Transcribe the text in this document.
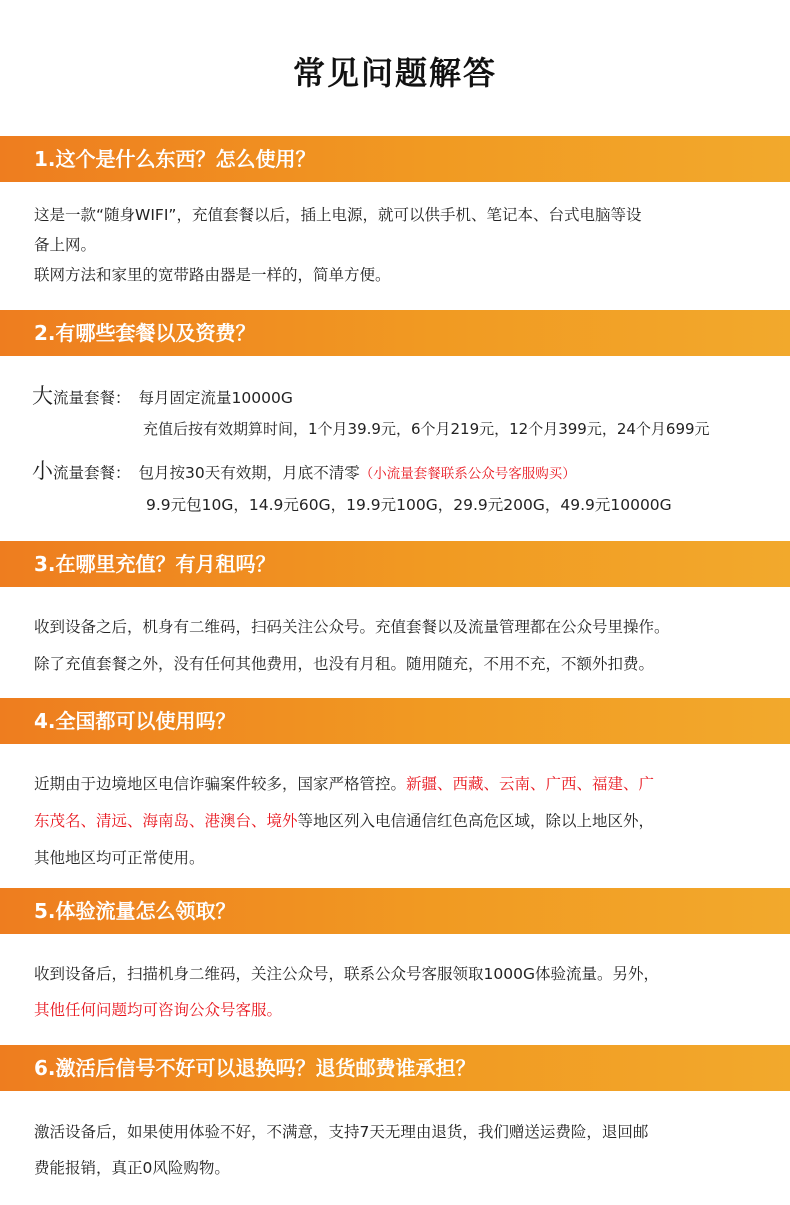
常见问题解答
1.这个是什么东西？怎么使用？
这是一款“随身WIFI”，充值套餐以后，插上电源，就可以供手机、笔记本、台式电脑等设
备上网。
联网方法和家里的宽带路由器是一样的，简单方便。
2.有哪些套餐以及资费？
大流量套餐： 每月固定流量10000G
充值后按有效期算时间，1个月39.9元，6个月219元，12个月399元，24个月699元
小流量套餐： 包月按30天有效期，月底不清零（小流量套餐联系公众号客服购买）
9.9元包10G，14.9元60G，19.9元100G，29.9元200G，49.9元10000G
3.在哪里充值？有月租吗？
收到设备之后，机身有二维码，扫码关注公众号。充值套餐以及流量管理都在公众号里操作。
除了充值套餐之外，没有任何其他费用，也没有月租。随用随充，不用不充，不额外扣费。
4.全国都可以使用吗？
近期由于边境地区电信诈骗案件较多，国家严格管控。新疆、西藏、云南、广西、福建、广
东茂名、清远、海南岛、港澳台、境外等地区列入电信通信红色高危区域，除以上地区外，
其他地区均可正常使用。
5.体验流量怎么领取？
收到设备后，扫描机身二维码，关注公众号，联系公众号客服领取1000G体验流量。另外，
其他任何问题均可咨询公众号客服。
6.激活后信号不好可以退换吗？退货邮费谁承担？
激活设备后，如果使用体验不好，不满意，支持7天无理由退货，我们赠送运费险，退回邮
费能报销，真正0风险购物。
